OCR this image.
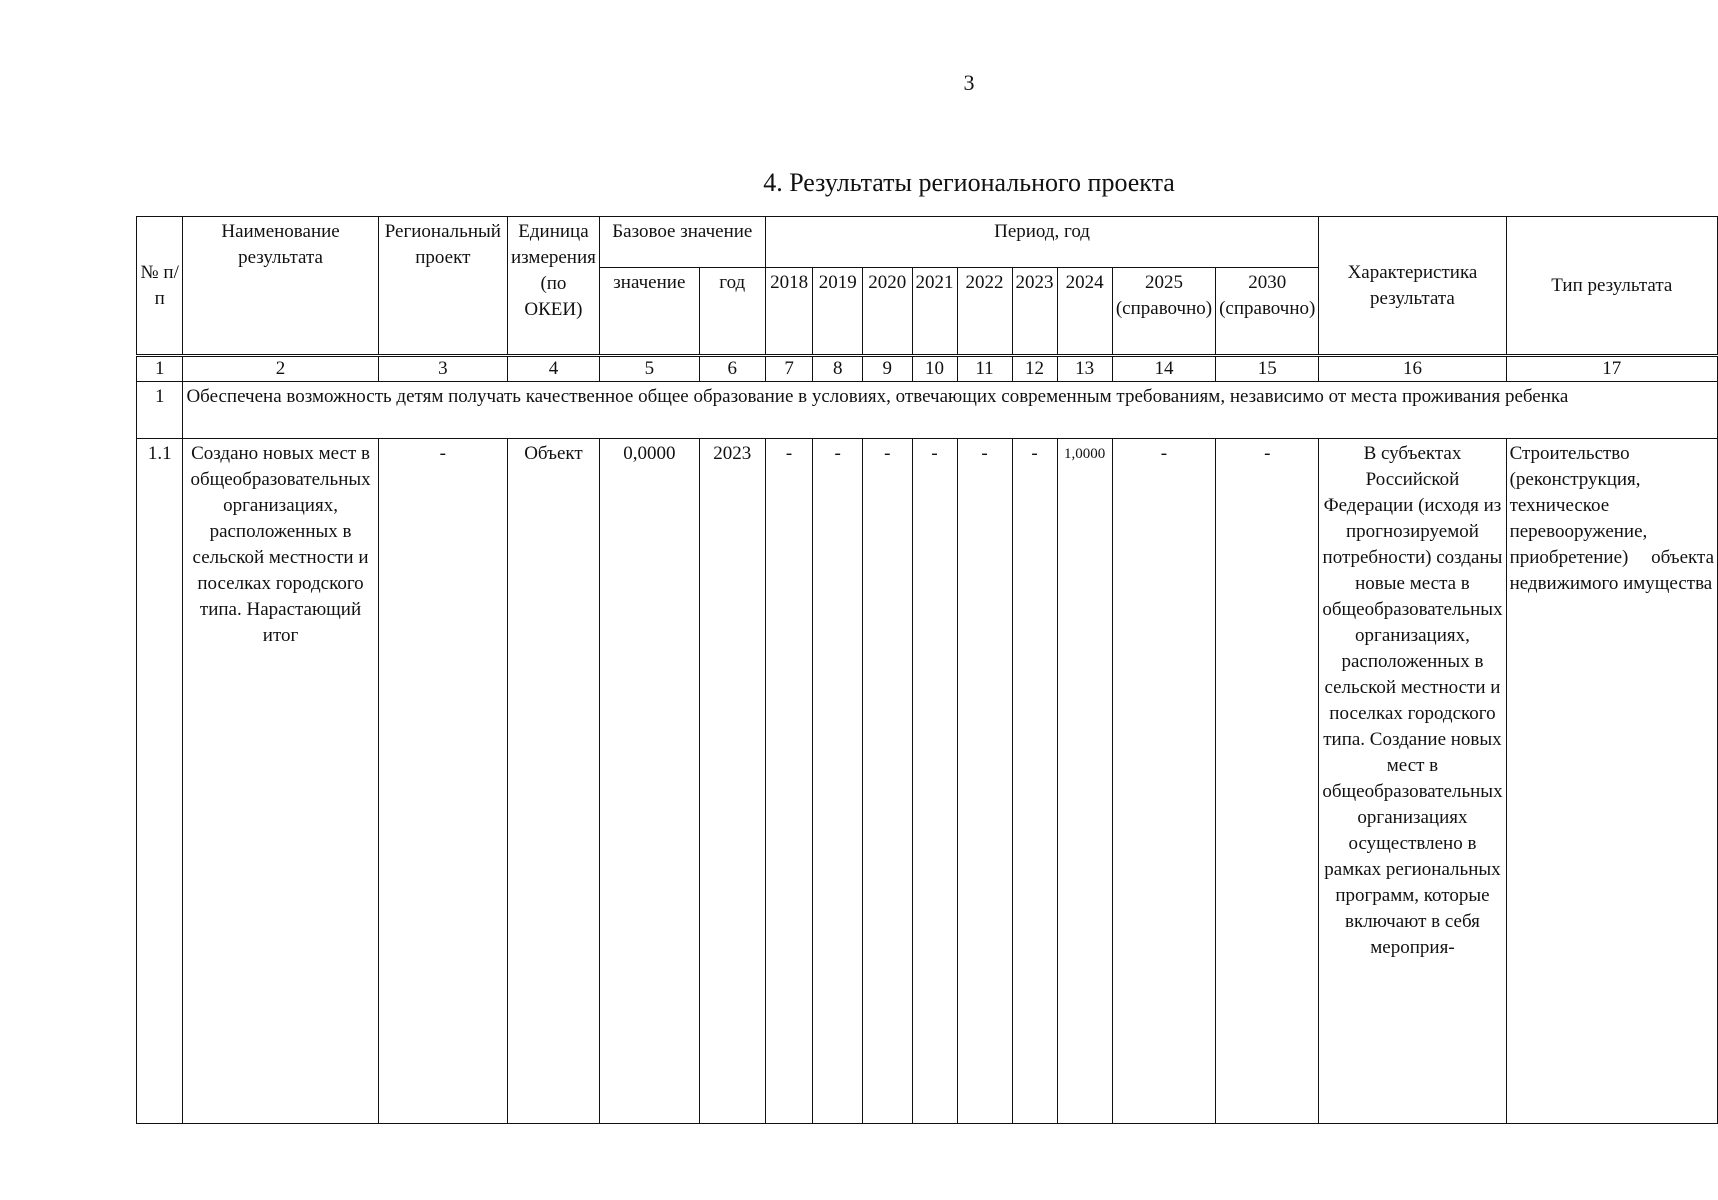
3
4. Результаты регионального проекта
№ п/п	Наименование результата	Региональный проект	Единица измерения (по ОКЕИ)	Базовое значение		Период, год									Характеристика результата	Тип результата
				значение	год	2018	2019	2020	2021	2022	2023	2024	2025 (справочно)	2030 (справочно)		
1	2	3	4	5	6	7	8	9	10	11	12	13	14	15	16	17
1	Обеспечена возможность детям получать качественное общее образование в условиях, отвечающих современным требованиям, независимо от места проживания ребенка															
1.1	Создано новых мест в общеобразовательных организациях, расположенных в сельской местности и поселках городского типа. Нарастающий итог	-	Объект	0,0000	2023	-	-	-	-	-	-	1,0000	-	-	В субъектах Российской Федерации (исходя из прогнозируемой потребности) созданы новые места в общеобразовательных организациях, расположенных в сельской местности и поселках городского типа. Создание новых мест в общеобразовательных организациях осуществлено в рамках региональных программ, которые включают в себя мероприя-	Строительство (реконструкция, техническое перевооружение, приобретение) объекта недвижимого имущества
